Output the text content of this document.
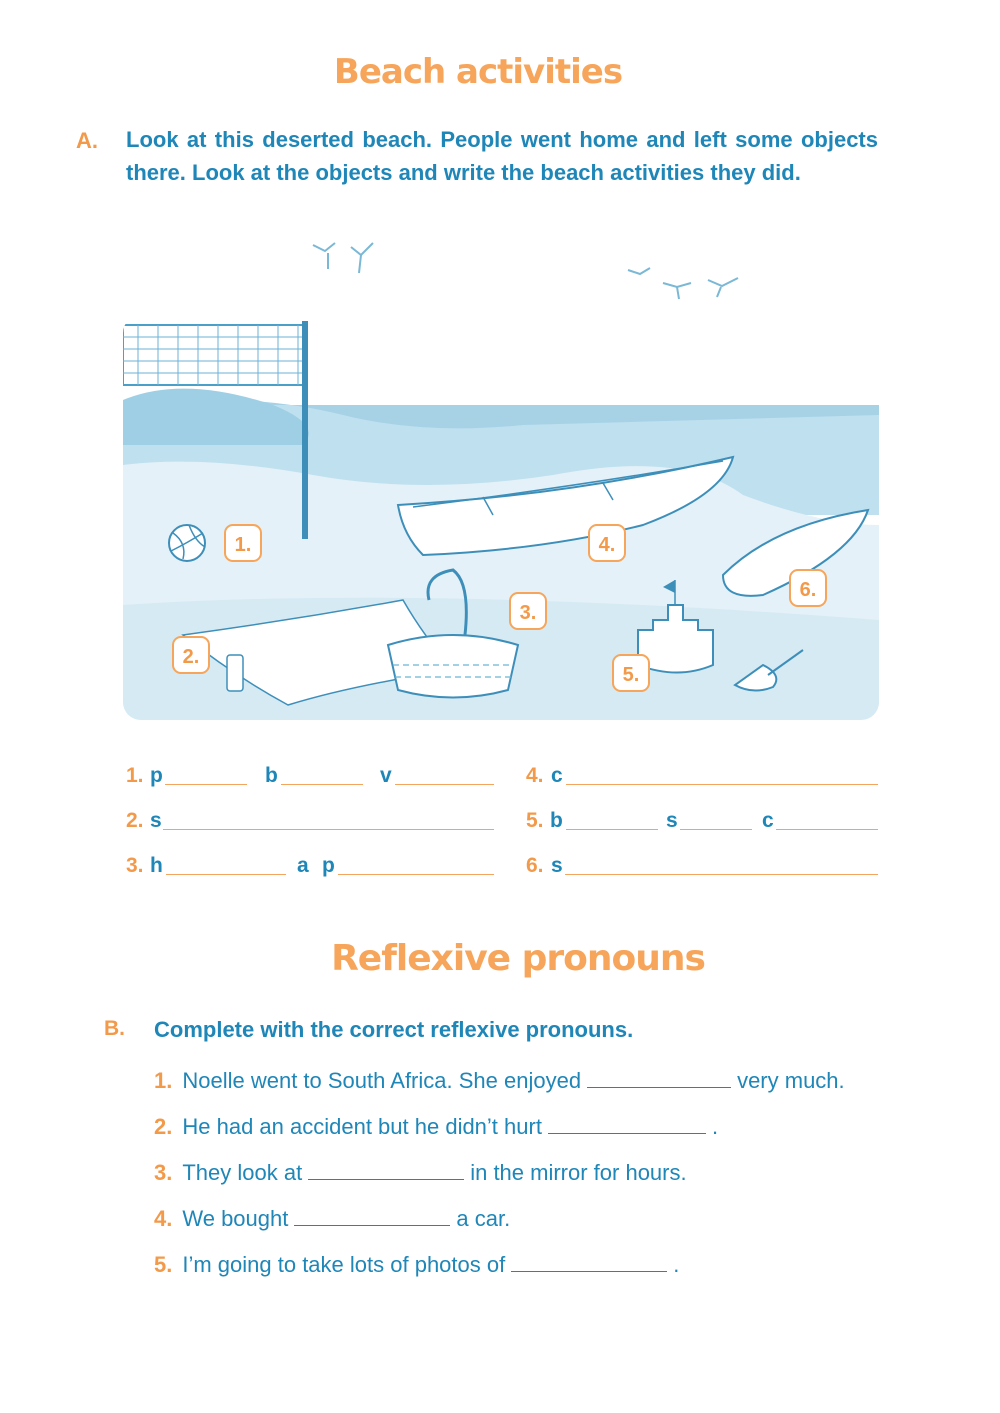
Beach activities
A. Look at this deserted beach. People went home and left some objects there. Look at the objects and write the beach activities they did.
1.
2.
3.
4.
5.
6.
1. p	b	v
2. s
3. h	a p
4. c
5. b	s	c
6. s
Reflexive pronouns
B. Complete with the correct reflexive pronouns.
1. Noelle went to South Africa. She enjoyed	very much.
2. He had an accident but he didn’t hurt	.
3. They look at	in the mirror for hours.
4. We bought	a car.
5. I’m going to take lots of photos of	.
